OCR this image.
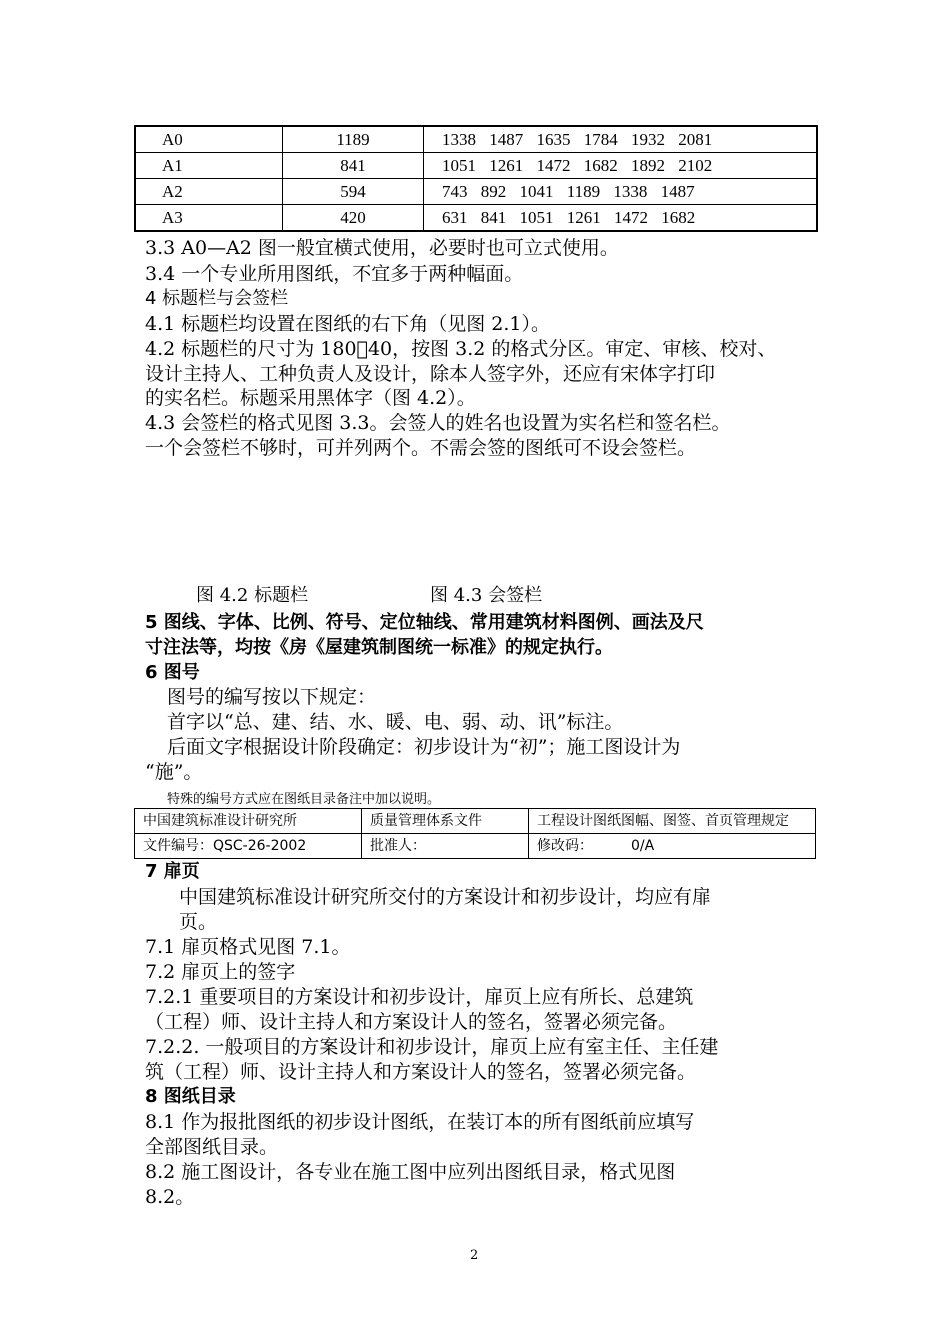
A0	1189	1338 1487 1635 1784 1932 2081
A1	841	1051 1261 1472 1682 1892 2102
A2	594	743 892 1041 1189 1338 1487
A3	420	631 841 1051 1261 1472 1682
3.3 A0—A2 图一般宜横式使用，必要时也可立式使用。
3.4 一个专业所用图纸，不宜多于两种幅面。
4 标题栏与会签栏
4.1 标题栏均设置在图纸的右下角（见图 2.1）。
4.2 标题栏的尺寸为 180 40，按图 3.2 的格式分区。审定、审核、校对、
设计主持人、工种负责人及设计，除本人签字外，还应有宋体字打印
的实名栏。标题采用黑体字（图 4.2）。
4.3 会签栏的格式见图 3.3。会签人的姓名也设置为实名栏和签名栏。
一个会签栏不够时，可并列两个。不需会签的图纸可不设会签栏。
图 4.2 标题栏	图 4.3 会签栏
5 图线、字体、比例、符号、定位轴线、常用建筑材料图例、画法及尺
寸注法等，均按《房《屋建筑制图统一标准》的规定执行。
6 图号
图号的编写按以下规定：
首字以“总、建、结、水、暖、电、弱、动、讯”标注。
后面文字根据设计阶段确定：初步设计为“初”；施工图设计为
“施”。
特殊的编号方式应在图纸目录备注中加以说明。
中国建筑标准设计研究所	质量管理体系文件	工程设计图纸图幅、图签、首页管理规定
文件编号：QSC-26-2002	批准人：	修改码： 0/A
7 扉页
中国建筑标准设计研究所交付的方案设计和初步设计，均应有扉
页。
7.1 扉页格式见图 7.1。
7.2 扉页上的签字
7.2.1 重要项目的方案设计和初步设计，扉页上应有所长、总建筑
（工程）师、设计主持人和方案设计人的签名，签署必须完备。
7.2.2. 一般项目的方案设计和初步设计，扉页上应有室主任、主任建
筑（工程）师、设计主持人和方案设计人的签名，签署必须完备。
8 图纸目录
8.1 作为报批图纸的初步设计图纸，在装订本的所有图纸前应填写
全部图纸目录。
8.2 施工图设计，各专业在施工图中应列出图纸目录，格式见图
8.2。
2
